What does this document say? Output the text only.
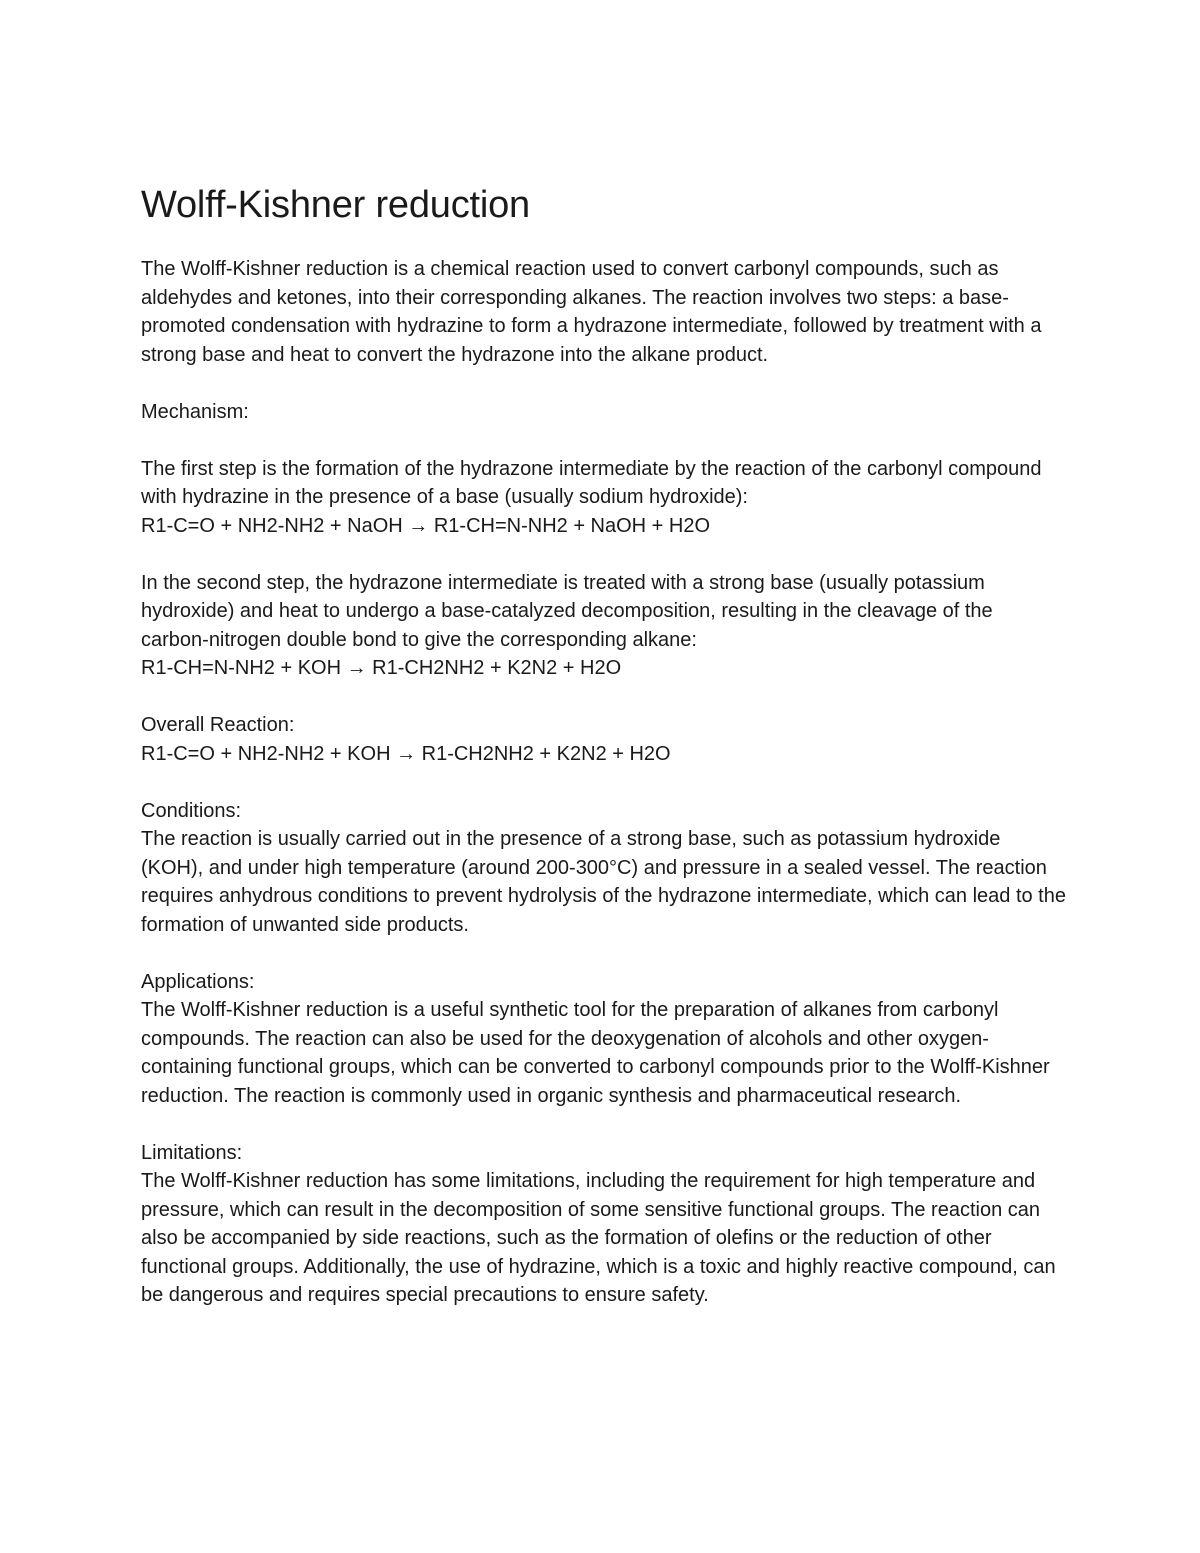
Wolff-Kishner reduction

The Wolff-Kishner reduction is a chemical reaction used to convert carbonyl compounds, such as aldehydes and ketones, into their corresponding alkanes. The reaction involves two steps: a base-promoted condensation with hydrazine to form a hydrazone intermediate, followed by treatment with a strong base and heat to convert the hydrazone into the alkane product.

Mechanism:

The first step is the formation of the hydrazone intermediate by the reaction of the carbonyl compound with hydrazine in the presence of a base (usually sodium hydroxide):
R1-C=O + NH2-NH2 + NaOH → R1-CH=N-NH2 + NaOH + H2O
In the second step, the hydrazone intermediate is treated with a strong base (usually potassium hydroxide) and heat to undergo a base-catalyzed decomposition, resulting in the cleavage of the carbon-nitrogen double bond to give the corresponding alkane:
R1-CH=N-NH2 + KOH → R1-CH2NH2 + K2N2 + H2O
Overall Reaction:
R1-C=O + NH2-NH2 + KOH → R1-CH2NH2 + K2N2 + H2O
Conditions:
The reaction is usually carried out in the presence of a strong base, such as potassium hydroxide (KOH), and under high temperature (around 200-300°C) and pressure in a sealed vessel. The reaction requires anhydrous conditions to prevent hydrolysis of the hydrazone intermediate, which can lead to the formation of unwanted side products.
Applications:
The Wolff-Kishner reduction is a useful synthetic tool for the preparation of alkanes from carbonyl compounds. The reaction can also be used for the deoxygenation of alcohols and other oxygen-containing functional groups, which can be converted to carbonyl compounds prior to the Wolff-Kishner reduction. The reaction is commonly used in organic synthesis and pharmaceutical research.
Limitations:
The Wolff-Kishner reduction has some limitations, including the requirement for high temperature and pressure, which can result in the decomposition of some sensitive functional groups. The reaction can also be accompanied by side reactions, such as the formation of olefins or the reduction of other functional groups. Additionally, the use of hydrazine, which is a toxic and highly reactive compound, can be dangerous and requires special precautions to ensure safety.
